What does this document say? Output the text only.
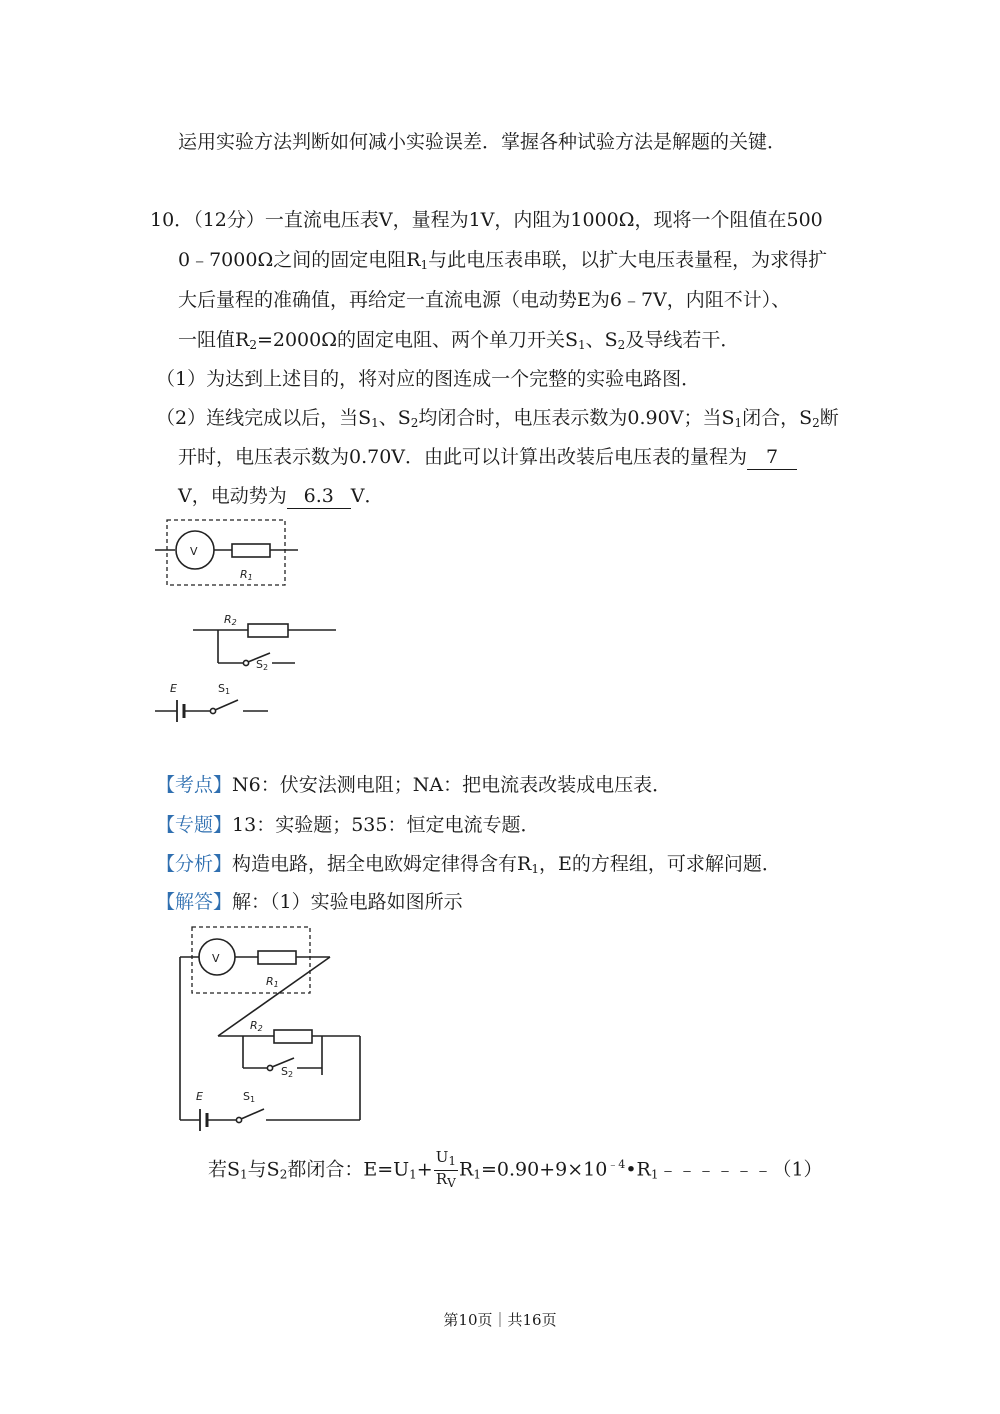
运用实验方法判断如何减小实验误差．掌握各种试验方法是解题的关键．
10．（12分）一直流电压表V，量程为1V，内阻为1000Ω，现将一个阻值在500
0﹣7000Ω之间的固定电阻$R_1$与此电压表串联，以扩大电压表量程，为求得扩
大后量程的准确值，再给定一直流电源（电动势E为6﹣7V，内阻不计）、
一阻值$R_2=2000\Omega$的固定电阻、两个单刀开关$S_1$、$S_2$及导线若干．
（1）为达到上述目的，将对应的图连成一个完整的实验电路图．
（2）连线完成以后，当$S_1$、$S_2$均闭合时，电压表示数为0.90V；当$S_1$闭合，$S_2$断
开时，电压表示数为0.70V．由此可以计算出改装后电压表的量程为 7
V，电动势为 6.3 V．
V
R1
R2
S2
E	S1
【考点】N6：伏安法测电阻；NA：把电流表改装成电压表．
【专题】13：实验题；535：恒定电流专题．
【分析】构造电路，据全电欧姆定律得含有$R_1$，E的方程组，可求解问题．
【解答】解：（1）实验电路如图所示
V
R1
R2
S2
E	S1
若$S_1$与$S_2$都闭合：$E=U_1+ \frac{U_1}{R_V}$ $R_1=0.90+9\times 10^{﹣4}•R_1﹣﹣﹣﹣﹣﹣(1)$
第10页｜共16页
